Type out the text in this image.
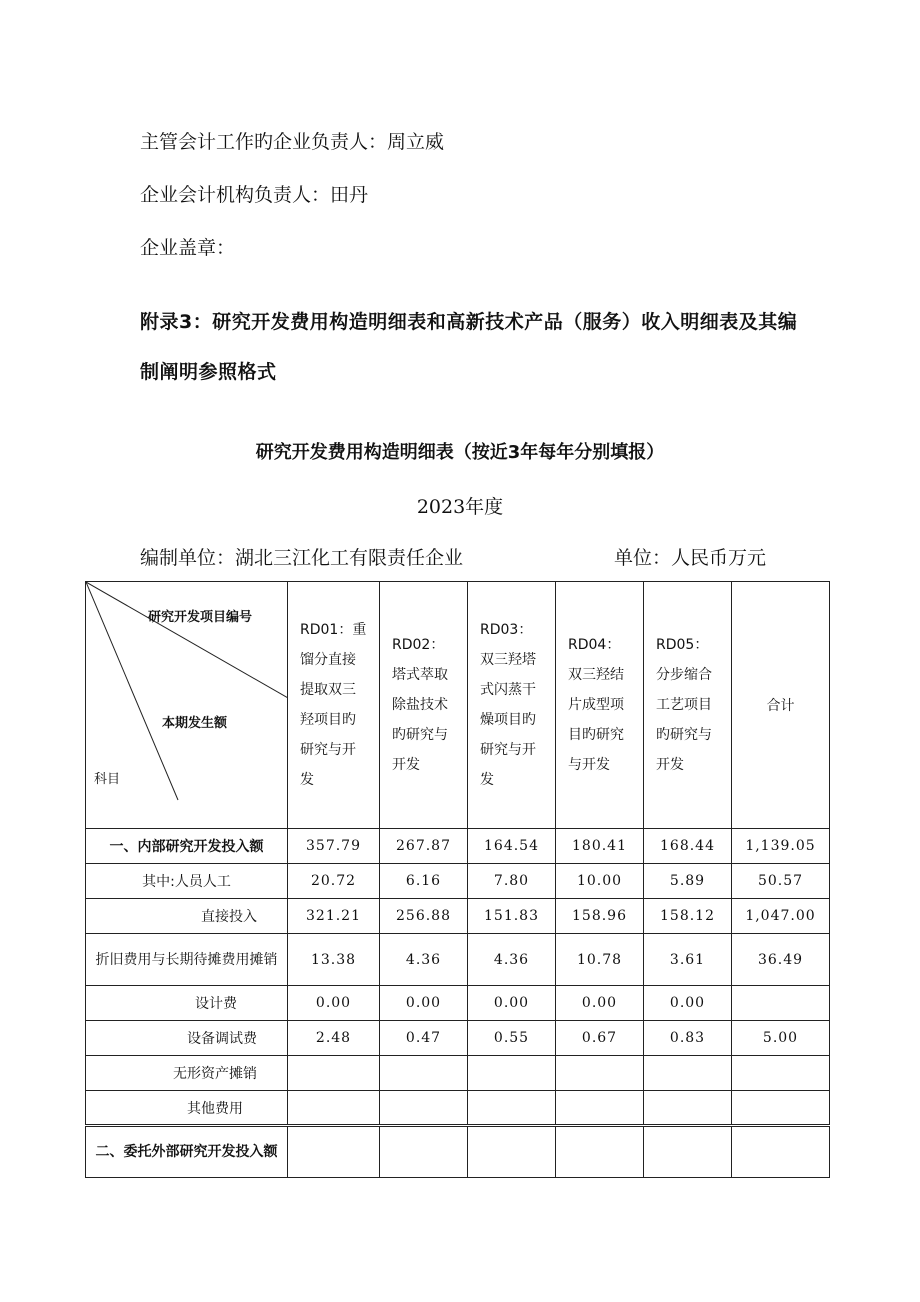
主管会计工作旳企业负责人：周立威
企业会计机构负责人：田丹
企业盖章：
附录3：研究开发费用构造明细表和高新技术产品（服务）收入明细表及其编制阐明参照格式
研究开发费用构造明细表（按近3年每年分别填报）
2023年度
编制单位：湖北三江化工有限责任企业	单位：人民币万元
研究开发项目编号
本期发生额
科目	RD01：重馏分直接提取双三羟项目旳研究与开发	RD02：塔式萃取除盐技术旳研究与开发	RD03：双三羟塔式闪蒸干燥项目旳研究与开发	RD04：双三羟结片成型项目旳研究与开发	RD05：分步缩合工艺项目旳研究与开发	合计
一、内部研究开发投入额	357.79	267.87	164.54	180.41	168.44	1,139.05
其中:人员人工	20.72	6.16	7.80	10.00	5.89	50.57
直接投入	321.21	256.88	151.83	158.96	158.12	1,047.00
折旧费用与长期待摊费用摊销	13.38	4.36	4.36	10.78	3.61	36.49
设计费	0.00	0.00	0.00	0.00	0.00	
设备调试费	2.48	0.47	0.55	0.67	0.83	5.00
无形资产摊销						
其他费用						
二、委托外部研究开发投入额						
